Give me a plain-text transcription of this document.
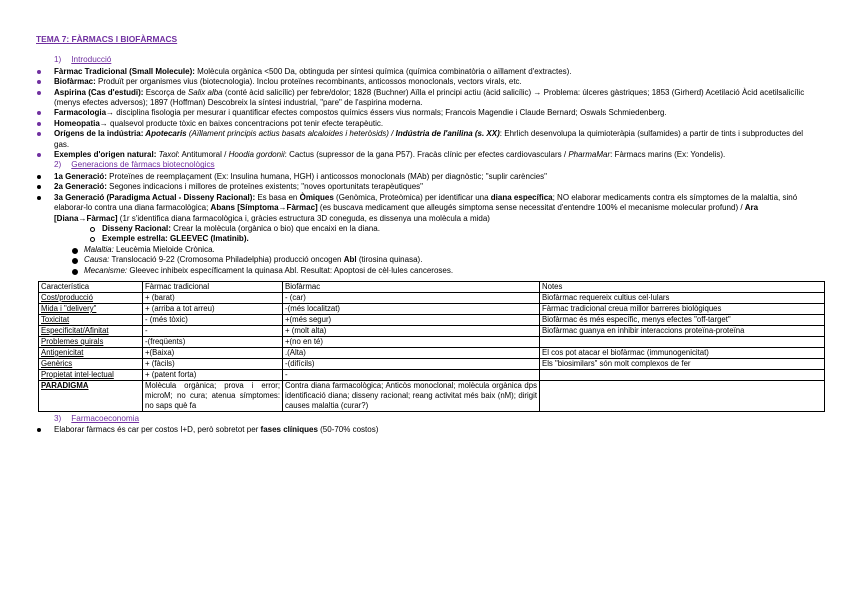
TEMA 7: FÀRMACS I BIOFÀRMACS
1) Introducció
Fàrmac Tradicional (Small Molecule): Molècula orgànica <500 Da, obtinguda per síntesi química (química combinatòria o aïllament d'extractes).
Biofàrmac: Produït per organismes vius (biotecnologia). Inclou proteïnes recombinants, anticossos monoclonals, vectors virals, etc.
Aspirina (Cas d'estudi): Escorça de Salix alba (conté àcid salicílic) per febre/dolor; 1828 (Buchner) Aïlla el principi actiu (àcid salicílic) → Problema: úlceres gàstriques; 1853 (Girherd) Acetilació Àcid acetilsalicílic (menys efectes adversos); 1897 (Hoffman) Descobreix la síntesi industrial, "pare" de l'aspirina moderna.
Farmacologia→ disciplina fisologia per mesurar i quantificar efectes compostos químics éssers vius normals; Francois Magendie i Claude Bernard; Oswals Schmiedenberg.
Homeopatia→ qualsevol producte tòxic en baixes concentracions pot tenir efecte terapèutic.
Orígens de la indústria: Apotecaris (Aïllament principis actius basats alcaloides i heteròsids) / Indústria de l'anilina (s. XX): Ehrlich desenvolupa la quimioteràpia (sulfamides) a partir de tints i subproductes del gas.
Exemples d'origen natural: Taxol: Antitumoral / Hoodia gordonii: Cactus (supressor de la gana P57). Fracàs clínic per efectes cardiovasculars / PharmaMar: Fàrmacs marins (Ex: Yondelis).
2) Generacions de fàrmacs biotecnològics
1a Generació: Proteïnes de reemplaçament (Ex: Insulina humana, HGH) i anticossos monoclonals (MAb) per diagnòstic; "suplir carències"
2a Generació: Segones indicacions i millores de proteïnes existents; "noves oportunitats terapèutiques"
3a Generació (Paradigma Actual - Disseny Racional): Es basa en Òmiques (Genòmica, Proteòmica) per identificar una diana específica; NO elaborar medicaments contra els símptomes de la malaltia, sinó elaborar-lo contra una diana farmacològica; Abans [Símptoma→Fàrmac] (es buscava medicament que alleugés simptoma sense necessitat d'entendre 100% el mecanisme molecular profund) / Ara [Diana→Fàrmac] (1r s'identifica diana farmacològica i, gràcies estructura 3D coneguda, es dissenya una molècula a mida)
Disseny Racional: Crear la molècula (orgànica o bio) que encaixi en la diana.
Exemple estrella: GLEEVEC (Imatinib).
Malaltia: Leucèmia Mieloide Crònica.
Causa: Translocació 9-22 (Cromosoma Philadelphia) producció oncogen Abl (tirosina quinasa).
Mecanisme: Gleevec inhibeix específicament la quinasa Abl. Resultat: Apoptosi de cèl·lules canceroses.
Característica	Fàrmac tradicional	Biofàrmac	Notes
Cost/producció	+ (barat)	- (car)	Biofàrmac requereix cultius cel·lulars
Mida i "delivery"	+ (arriba a tot arreu)	-(més localitzat)	Fàrmac tradicional creua millor barreres biològiques
Toxicitat	- (més tòxic)	+(més segur)	Biofàrmac és més específic, menys efectes "off-target"
Especificitat/Afinitat	-	+ (molt alta)	Biofàrmac guanya en inhibir interaccions proteïna-proteïna
Problemes quirals	-(freqüents)	+(no en té)	
Antigenicitat	+(Baixa)	.(Alta)	El cos pot atacar el biofàrmac (immunogenicitat)
Genèrics	+ (fàcils)	-(difícils)	Els "biosimilars" són molt complexos de fer
Propietat intel·lectual	+ (patent forta)	-	
PARADIGMA	Molècula orgànica; prova i error; microM; no cura; atenua símptomes: no saps què fa	Contra diana farmacològica; Anticòs monoclonal; molècula orgànica dps identificació diana; disseny racional; reang activitat més baix (nM); dirigit causes malaltia (curar?)	
3) Farmacoeconomia
Elaborar fàrmacs és car per costos I+D, però sobretot per fases clíniques (50-70% costos)
